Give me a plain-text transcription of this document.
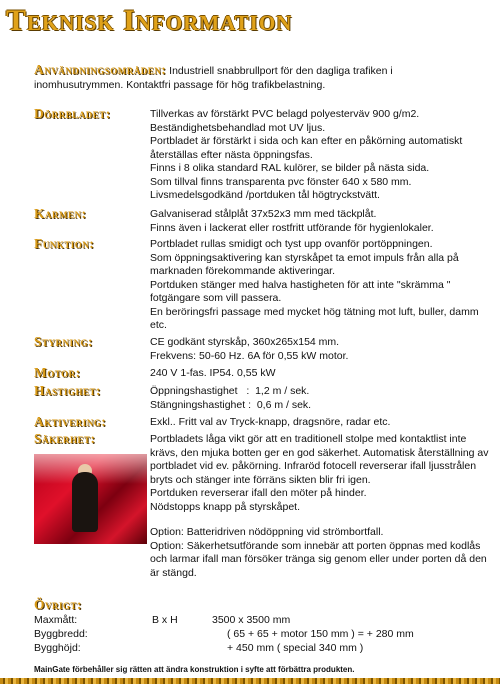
Teknisk Information
Användningsområden: Industriell snabbrullport för den dagliga trafiken i inomhusutrymmen. Kontaktfri passage för hög trafikbelastning.
Dörrbladet:	Tillverkas av förstärkt PVC belagd polyesterväv 900 g/m2.

Beständighetsbehandlad mot UV ljus.

Portbladet är förstärkt i sida och kan efter en påkörning automatiskt återställas efter nästa öppningsfas.

Finns i 8 olika standard RAL kulörer, se bilder på nästa sida.

Som tillval finns transparenta pvc fönster 640 x 580 mm.

Livsmedelsgodkänd /portduken tål högtryckstvätt.

Karmen:	Galvaniserad stålplåt 37x52x3 mm med täckplåt.

Finns även i lackerat eller rostfritt utförande för hygienlokaler.

Funktion:	Portbladet rullas smidigt och tyst upp ovanför portöppningen.

Som öppningsaktivering kan styrskåpet ta emot impuls från alla på marknaden förekommande aktiveringar.

Portduken stänger med halva hastigheten för att inte "skrämma " fotgängare som vill passera.

En beröringsfri passage med mycket hög tätning mot luft, buller, damm etc.

Styrning:	CE godkänt styrskåp, 360x265x154 mm.

Frekvens: 50-60 Hz. 6A för 0,55 kW motor.

Motor:	240 V 1-fas. IP54. 0,55 kW

Hastighet:	Öppningshastighet   :  1,2 m / sek.

Stängningshastighet :  0,6 m / sek.

Aktivering:	Exkl.. Fritt val av Tryck-knapp, dragsnöre, radar etc.

Säkerhet:	Portbladets låga vikt gör att en traditionell stolpe med kontaktlist inte krävs, den mjuka botten ger en god säkerhet. Automatisk återställning av portbladet vid ev. påkörning. Infraröd fotocell reverserar ifall ljusstrålen bryts och stänger inte förräns sikten blir fri igen.

Portduken reverserar ifall den möter på hinder.

Nödstopps knapp på styrskåpet.

Option: Batteridriven nödöppning vid strömbortfall.

Option: Säkerhetsutförande som innebär att porten öppnas med kodlås och larmar ifall man försöker tränga sig genom eller under porten då den är stängd.

Övrigt:
Maxmått:	B x H	3500 x 3500 mm
Byggbredd:	( 65 + 65 + motor 150 mm ) = + 280 mm
Bygghöjd:	+ 450 mm ( special 340 mm )
MainGate förbehåller sig rätten att ändra konstruktion i syfte att förbättra produkten.
